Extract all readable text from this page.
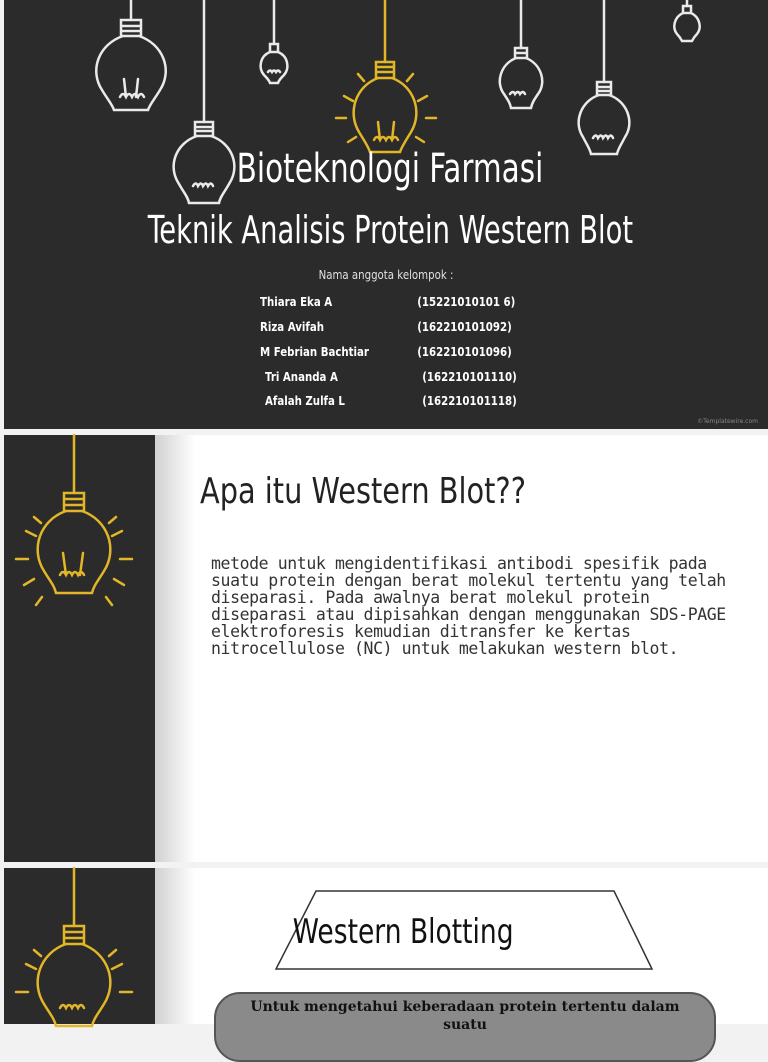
Bioteknologi Farmasi
Teknik Analisis Protein Western Blot
Nama anggota kelompok :
Thiara Eka A	(15221010101 6)
Riza Avifah	(162210101092)
M Febrian Bachtiar	(162210101096)
Tri Ananda A	(162210101110)
Afalah Zulfa L	(162210101118)
©Templatewire.com
Apa itu Western Blot??
metode untuk mengidentifikasi antibodi spesifik pada suatu protein dengan berat molekul tertentu yang telah diseparasi. Pada awalnya berat molekul protein diseparasi atau dipisahkan dengan menggunakan SDS-PAGE elektroforesis kemudian ditransfer ke kertas nitrocellulose (NC) untuk melakukan western blot.
Western Blotting
Untuk mengetahui keberadaan protein tertentu dalam suatu
